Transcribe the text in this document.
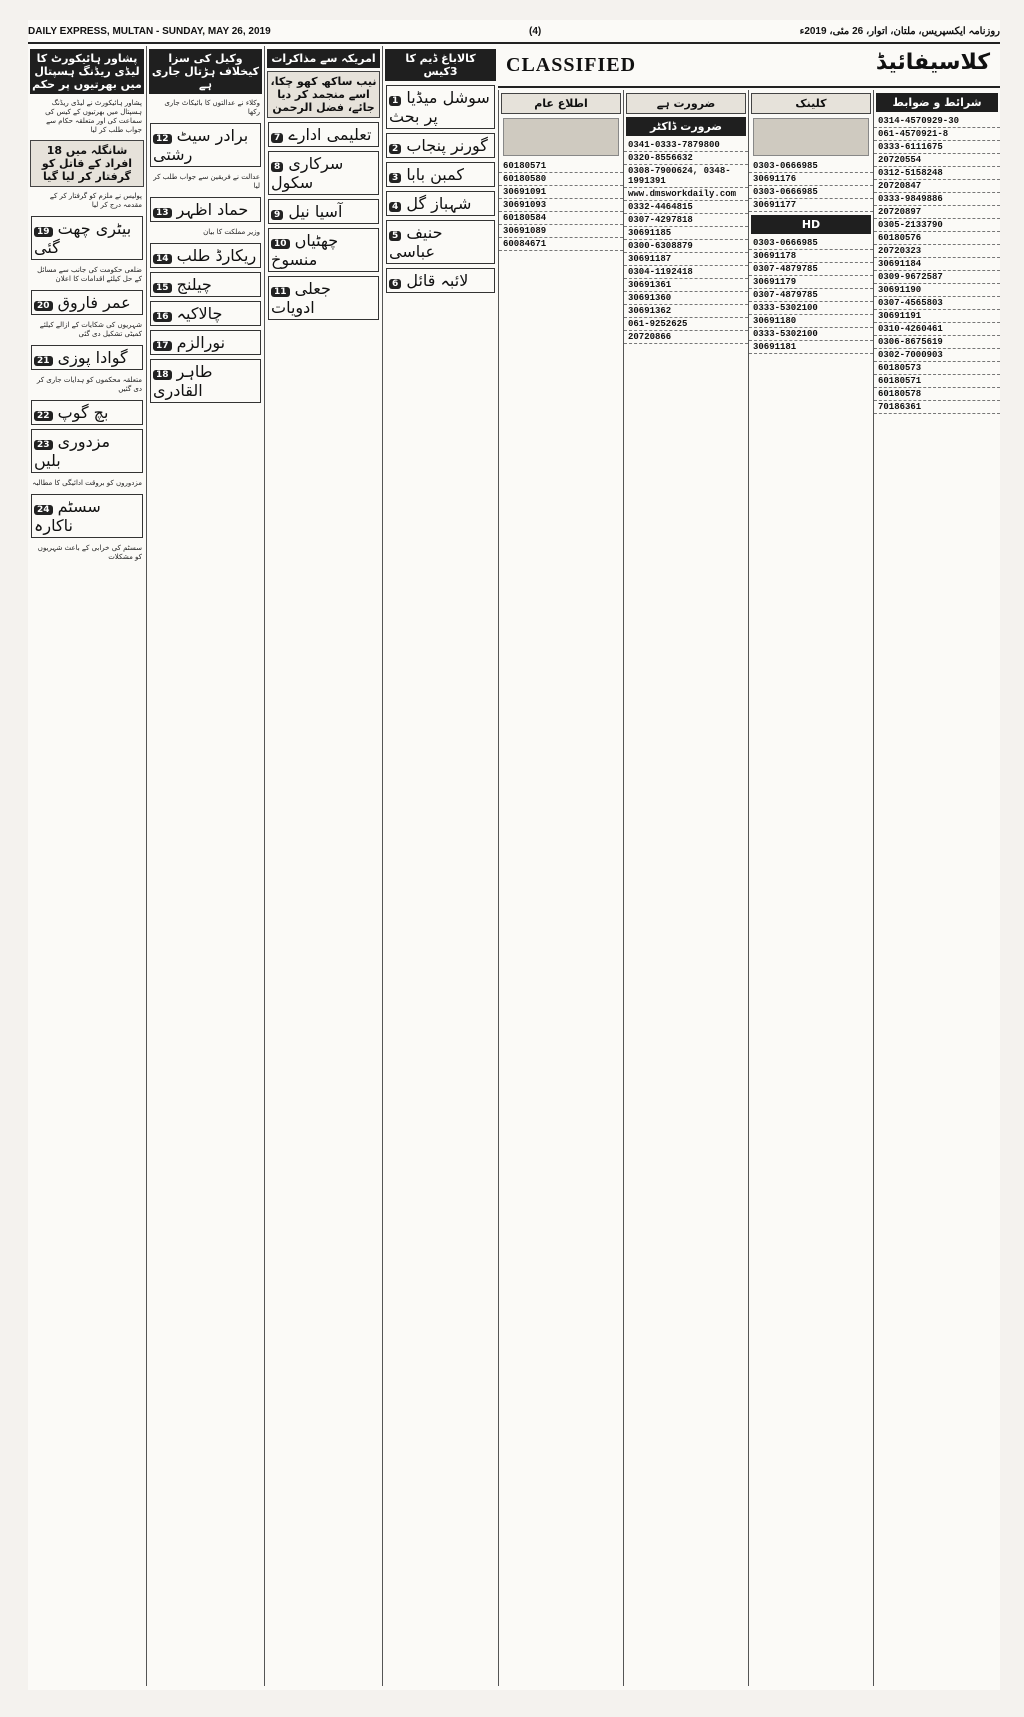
DAILY EXPRESS, MULTAN - SUNDAY, MAY 26, 2019	(4)	روزنامہ ایکسپریس، ملتان، اتوار، 26 مئی، 2019ء
پشاور ہائیکورٹ کا لیڈی ریڈنگ ہسپتال میں بھرتیوں پر حکم
پشاور ہائیکورٹ نے لیڈی ریڈنگ ہسپتال میں بھرتیوں کے کیس کی سماعت کی اور متعلقہ حکام سے جواب طلب کر لیا
شانگلہ میں 18 افراد کے قاتل کو گرفتار کر لیا گیا
پولیس نے ملزم کو گرفتار کر کے مقدمہ درج کر لیا
19 بیٹری چھت گئی
ضلعی حکومت کی جانب سے مسائل کے حل کیلئے اقدامات کا اعلان
20 عمر فاروق
شہریوں کی شکایات کے ازالے کیلئے کمیٹی تشکیل دی گئی
21 گوادا پوزی
متعلقہ محکموں کو ہدایات جاری کر دی گئیں
22 بچ گوپ
23 مزدوری بلیں
مزدوروں کو بروقت ادائیگی کا مطالبہ
24 سسٹم ناکارہ
سسٹم کی خرابی کے باعث شہریوں کو مشکلات
وکیل کی سزا کیخلاف ہڑتال جاری ہے
وکلاء نے عدالتوں کا بائیکاٹ جاری رکھا
12 برادر سیٹ رشتی
عدالت نے فریقین سے جواب طلب کر لیا
13 حماد اظہر
وزیر مملکت کا بیان
14 ریکارڈ طلب
15 چیلنج
16 چالاکیہ
17 نورالزم
18 طاہر القادری
امریکہ سے مذاکرات
نیب ساکھ کھو چکا، اسے منجمد کر دیا جائے، فضل الرحمن
7 تعلیمی ادارے
8 سرکاری سکول
9 آسیا نیل
10 چھٹیاں منسوخ
11 جعلی ادویات
کالاباغ ڈیم کا 3کیس
1 سوشل میڈیا پر بحث
2 گورنر پنجاب
3 کمبن بابا
4 شہباز گل
5 حنیف عباسی
6 لائبہ قائل
CLASSIFIED	کلاسیفائیڈ
اطلاع عام
60180571
60180580
30691091
30691093
60180584
30691089
60084671
ضرورت ہے
ضرورت ڈاکٹر
0341-0333-7879800
0320-8556632
0308-7900624, 0348-1991391
www.dmsworkdaily.com
0332-4464815
0307-4297818
30691185
0300-6308879
30691187
0304-1192418
30691361
30691360
30691362
061-9252625
20720866
کلینک
0303-0666985
30691176
0303-0666985
30691177
HD
0303-0666985
30691178
0307-4879785
30691179
0307-4879785
0333-5302100
30691180
0333-5302100
30691181
شرائط و ضوابط
0314-4570929-30
061-4570921-8
0333-6111675
20720554
0312-5158248
20720847
0333-9849886
20720897
0305-2133790
60180576
20720323
30691184
0309-9672587
30691190
0307-4565803
30691191
0310-4260461
0306-8675619
0302-7000903
60180573
60180571
60180578
70186361
